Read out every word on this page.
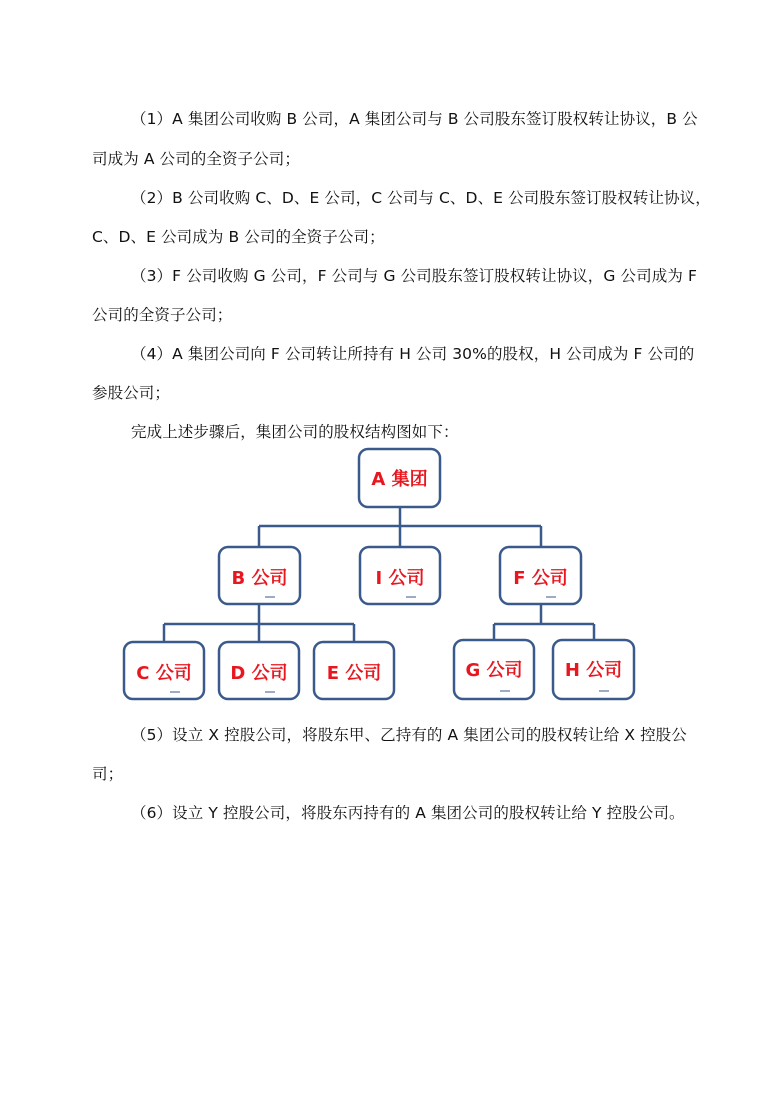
（1）A 集团公司收购 B 公司，A 集团公司与 B 公司股东签订股权转让协议，B 公
司成为 A 公司的全资子公司；
（2）B 公司收购 C、D、E 公司，C 公司与 C、D、E 公司股东签订股权转让协议，
C、D、E 公司成为 B 公司的全资子公司；
（3）F 公司收购 G 公司，F 公司与 G 公司股东签订股权转让协议，G 公司成为 F
公司的全资子公司；
（4）A 集团公司向 F 公司转让所持有 H 公司 30%的股权，H 公司成为 F 公司的
参股公司；
完成上述步骤后，集团公司的股权结构图如下：
A 集团
B 公司	I 公司	F 公司
C 公司 D 公司 E 公司	G 公司 H 公司
（5）设立 X 控股公司，将股东甲、乙持有的 A 集团公司的股权转让给 X 控股公
司；
（6）设立 Y 控股公司，将股东丙持有的 A 集团公司的股权转让给 Y 控股公司。
